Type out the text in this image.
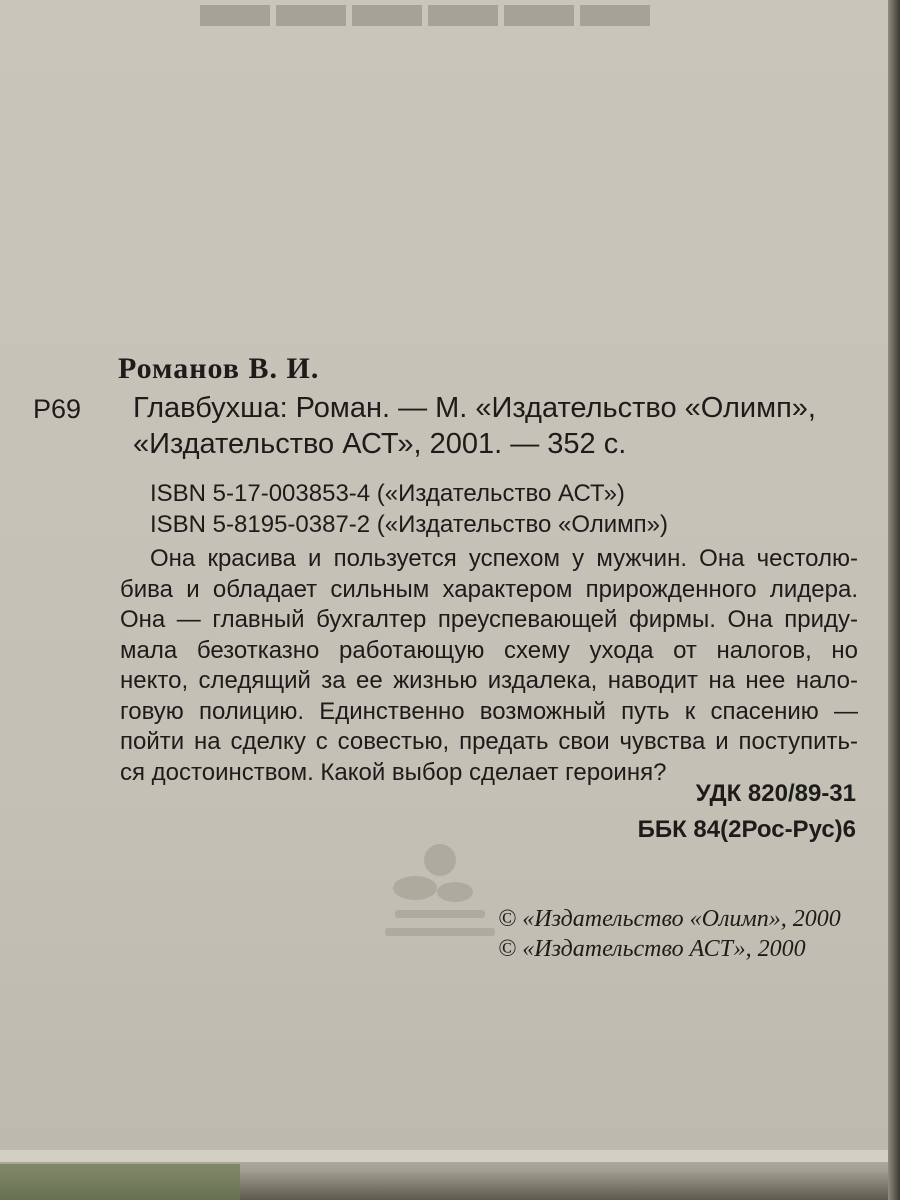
▬▬▬▬▬▬
Романов В. И.
Р69 Главбухша: Роман. — М. «Издательство «Олимп»,
«Издательство АСТ», 2001. — 352 с.
ISBN 5-17-003853-4 («Издательство АСТ»)
ISBN 5-8195-0387-2 («Издательство «Олимп»)
Она красива и пользуется успехом у мужчин. Она честолю-
бива и обладает сильным характером прирожденного лидера.
Она — главный бухгалтер преуспевающей фирмы. Она приду-
мала безотказно работающую схему ухода от налогов, но
некто, следящий за ее жизнью издалека, наводит на нее нало-
говую полицию. Единственно возможный путь к спасению —
пойти на сделку с совестью, предать свои чувства и поступить-
ся достоинством. Какой выбор сделает героиня?
УДК 820/89-31
ББК 84(2Рос-Рус)6
© «Издательство «Олимп», 2000
© «Издательство АСТ», 2000
